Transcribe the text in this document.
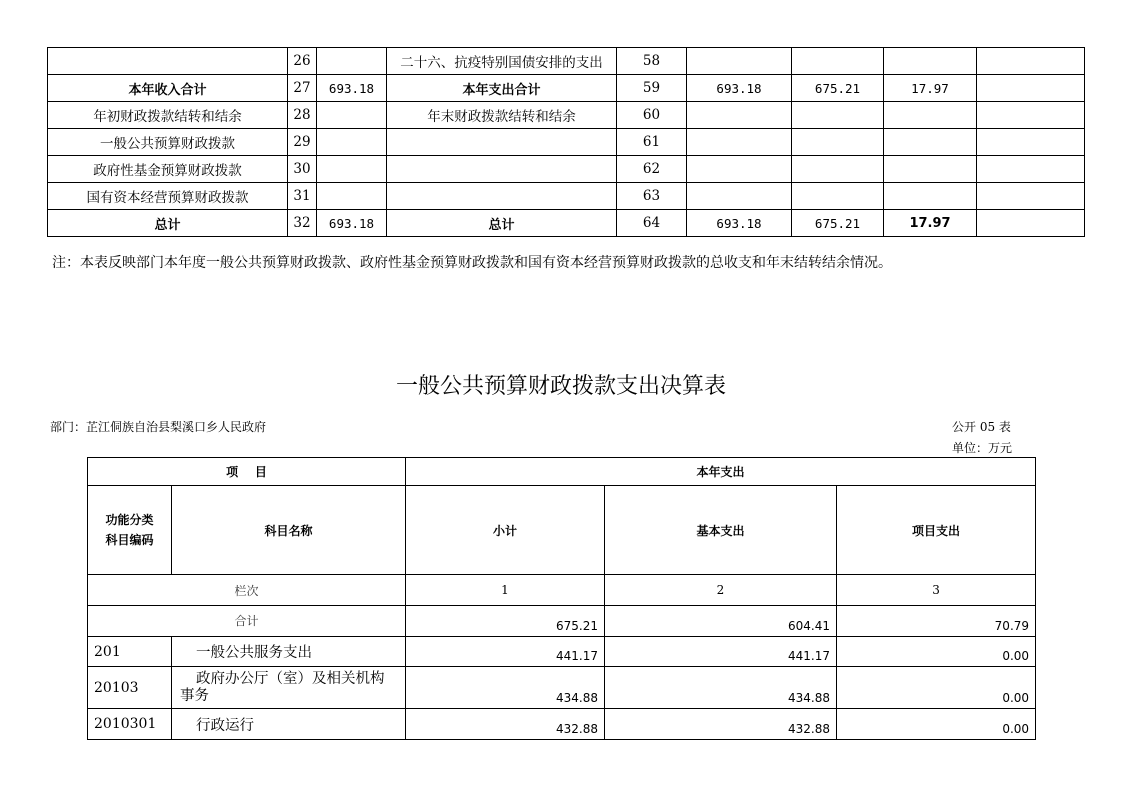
	26		二十六、抗疫特别国债安排的支出	58				
本年收入合计	27	693.18	本年支出合计	59	693.18	675.21	17.97	
年初财政拨款结转和结余	28		年末财政拨款结转和结余	60				
一般公共预算财政拨款	29			61				
政府性基金预算财政拨款	30			62				
国有资本经营预算财政拨款	31			63				
总计	32	693.18	总计	64	693.18	675.21	17.97	
注：本表反映部门本年度一般公共预算财政拨款、政府性基金预算财政拨款和国有资本经营预算财政拨款的总收支和年末结转结余情况。
一般公共预算财政拨款支出决算表
部门：芷江侗族自治县梨溪口乡人民政府	公开 05 表
单位：万元
项    目		本年支出		

功能分类
科目编码	科目名称	小计	基本支出	项目支出
栏次		1	2	3
合计		675.21	604.41	70.79
201	一般公共服务支出	441.17	441.17	0.00
20103	政府办公厅（室）及相关机构
事务	434.88	434.88	0.00
2010301	行政运行	432.88	432.88	0.00
